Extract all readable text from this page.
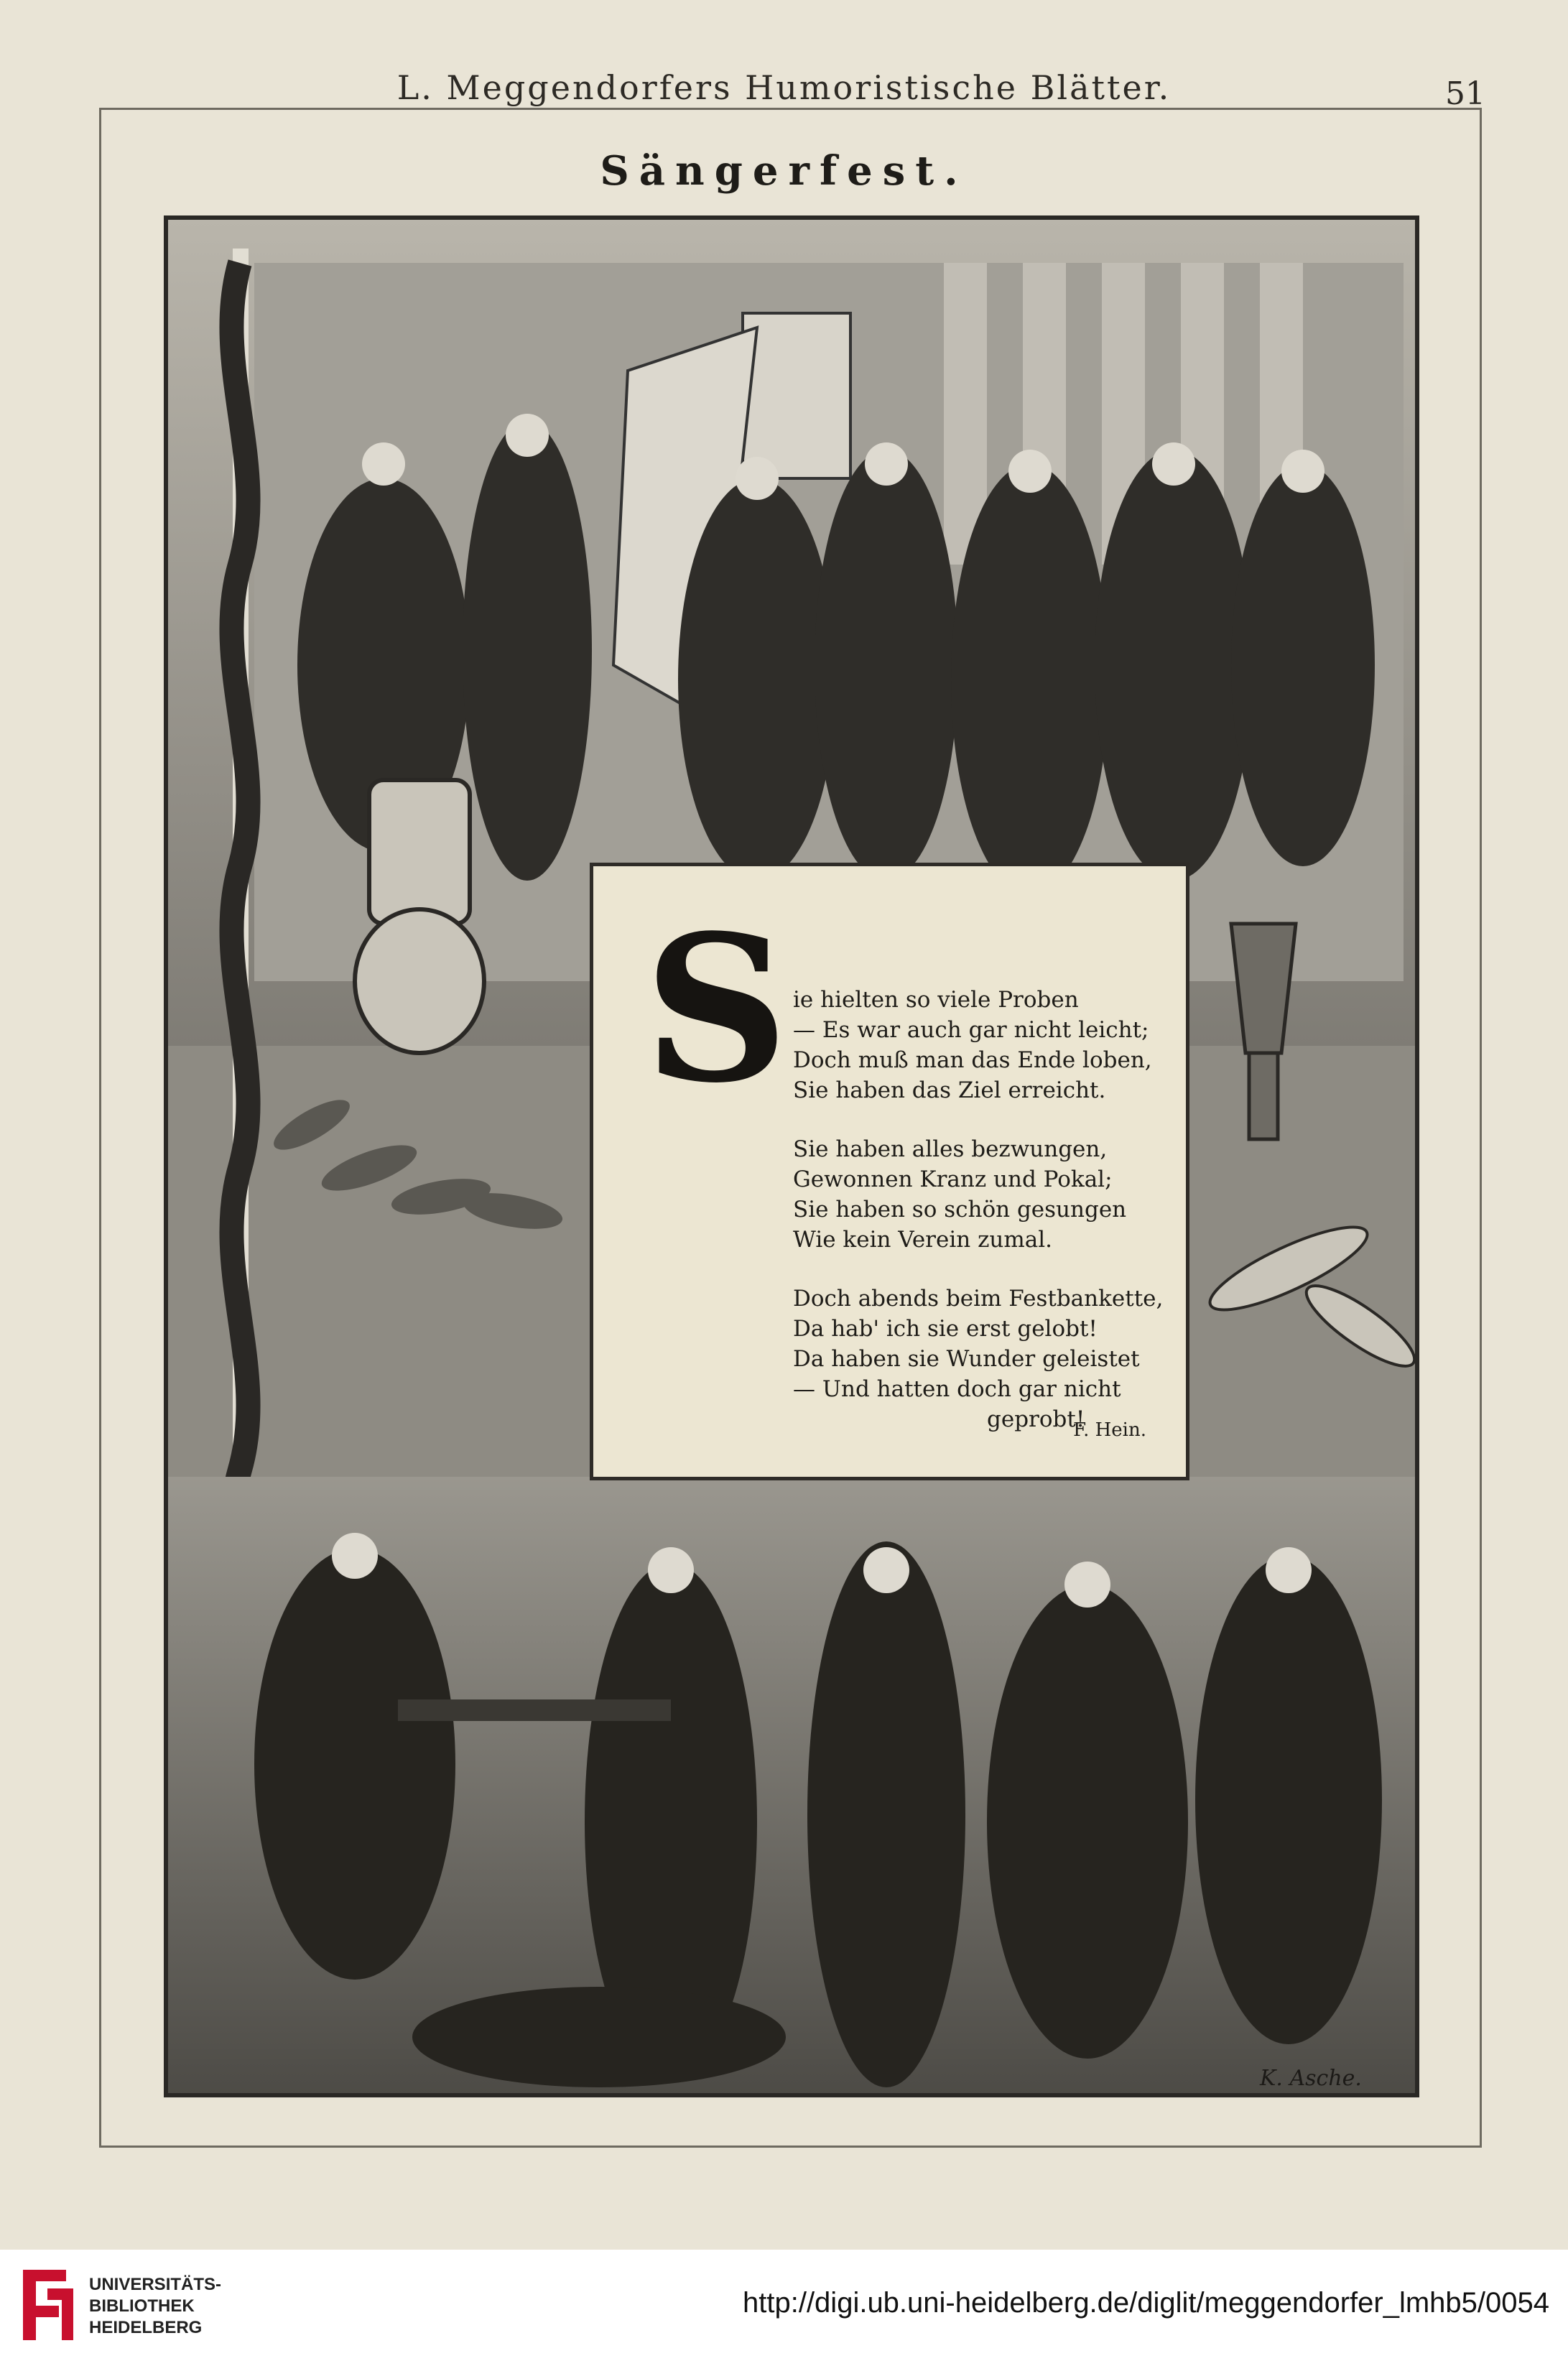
L. Meggendorfers Humoristische Blätter.	51
Sängerfest.
S ie hielten so viele Proben
— Es war auch gar nicht leicht;
Doch muß man das Ende loben,
Sie haben das Ziel erreicht.
Sie haben alles bezwungen,
Gewonnen Kranz und Pokal;
Sie haben so schön gesungen
Wie kein Verein zumal.
Doch abends beim Festbankette,
Da hab' ich sie erst gelobt!
Da haben sie Wunder geleistet
— Und hatten doch gar nicht
geprobt!
F. Hein.
K. Asche.
UNIVERSITÄTS-
BIBLIOTHEK
HEIDELBERG
http://digi.ub.uni-heidelberg.de/diglit/meggendorfer_lmhb5/0054
